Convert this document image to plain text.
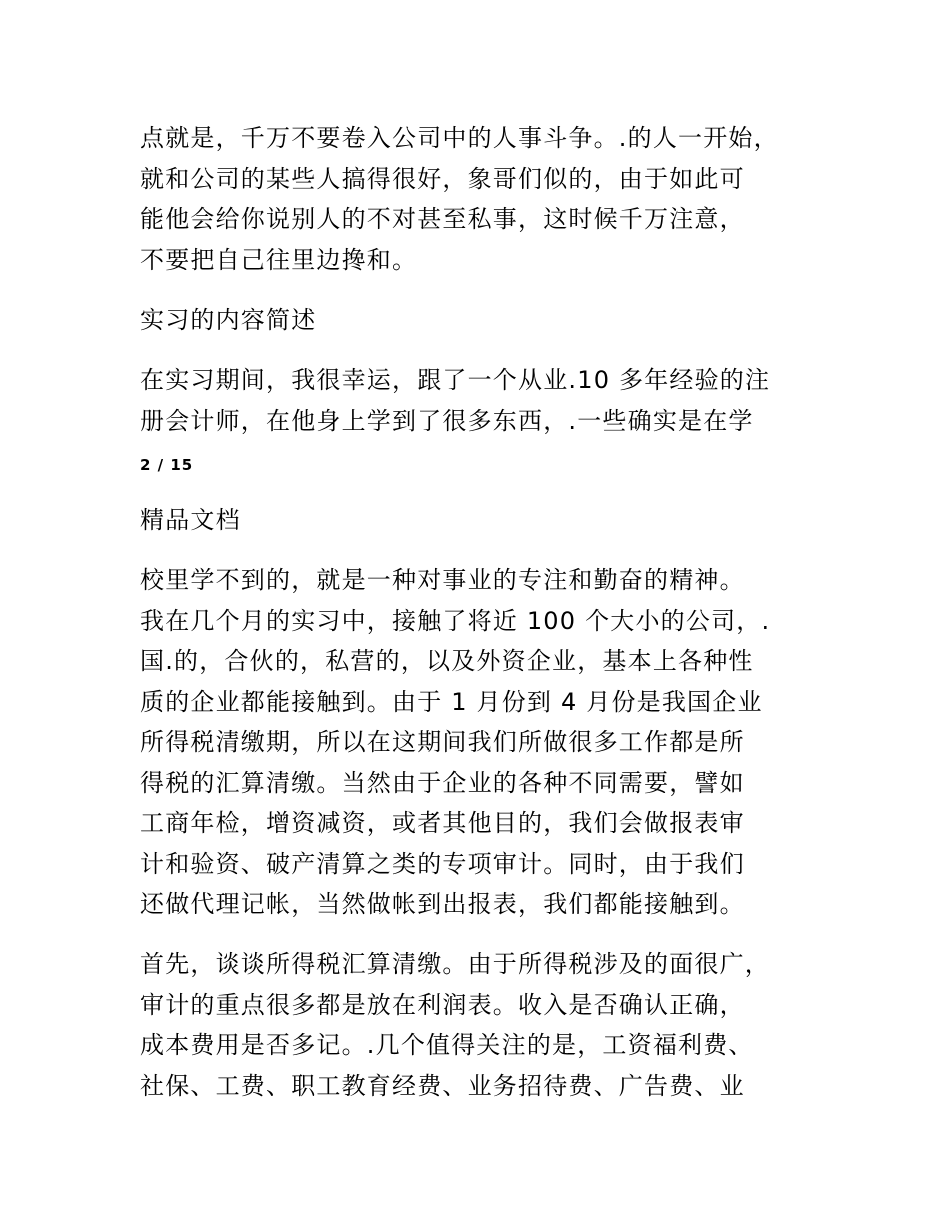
点就是，千万不要卷入公司中的人事斗争。.的人一开始，
就和公司的某些人搞得很好，象哥们似的，由于如此可
能他会给你说别人的不对甚至私事，这时候千万注意，
不要把自己往里边搀和。
实习的内容简述
在实习期间，我很幸运，跟了一个从业.10 多年经验的注
册会计师，在他身上学到了很多东西，.一些确实是在学
2 / 15
精品文档
校里学不到的，就是一种对事业的专注和勤奋的精神。
我在几个月的实习中，接触了将近 100 个大小的公司，.
国.的，合伙的，私营的，以及外资企业，基本上各种性
质的企业都能接触到。由于 1 月份到 4 月份是我国企业
所得税清缴期，所以在这期间我们所做很多工作都是所
得税的汇算清缴。当然由于企业的各种不同需要，譬如
工商年检，增资减资，或者其他目的，我们会做报表审
计和验资、破产清算之类的专项审计。同时，由于我们
还做代理记帐，当然做帐到出报表，我们都能接触到。
首先，谈谈所得税汇算清缴。由于所得税涉及的面很广，
审计的重点很多都是放在利润表。收入是否确认正确，
成本费用是否多记。.几个值得关注的是，工资福利费、
社保、工费、职工教育经费、业务招待费、广告费、业
